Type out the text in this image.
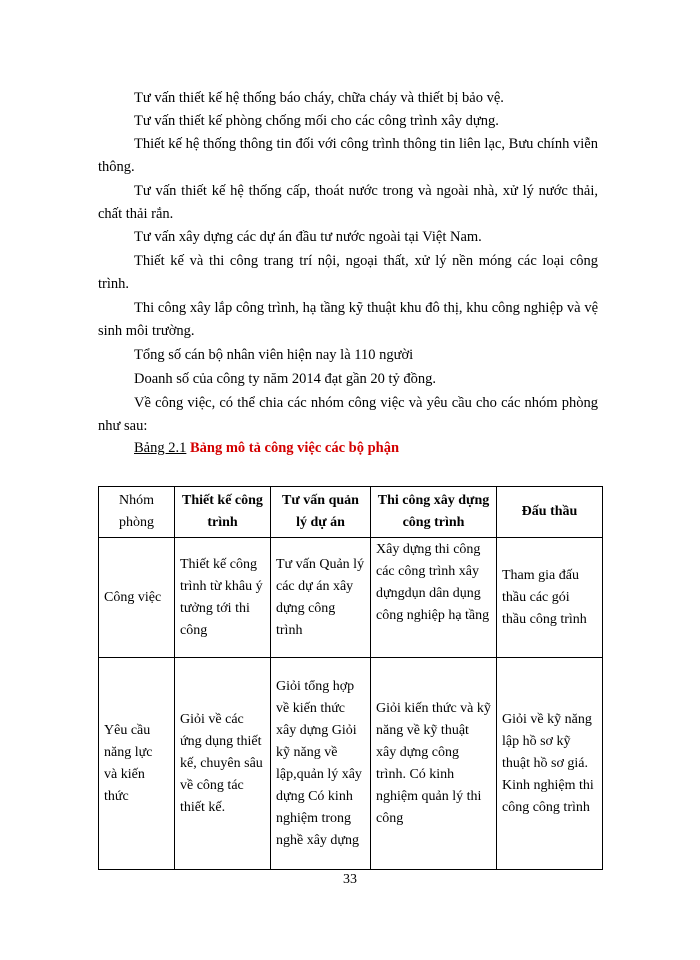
Tư vấn thiết kế hệ thống báo cháy, chữa cháy và thiết bị bảo vệ.

Tư vấn thiết kế phòng chống mối cho các công trình xây dựng.

Thiết kế hệ thống thông tin đối với công trình thông tin liên lạc, Bưu chính viễn thông.

Tư vấn thiết kế hệ thống cấp, thoát nước trong và ngoài nhà, xử lý nước thải, chất thải rắn.

Tư vấn xây dựng các dự án đầu tư nước ngoài tại Việt Nam.

Thiết kế và thi công trang trí nội, ngoại thất, xử lý nền móng các loại công trình.

Thi công xây lắp công trình, hạ tầng kỹ thuật khu đô thị, khu công nghiệp và vệ sinh môi trường.

Tổng số cán bộ nhân viên hiện nay là 110 người

Doanh số của công ty năm 2014 đạt gần 20 tỷ đồng.

Về công việc, có thể chia các nhóm công việc và yêu cầu cho các nhóm phòng như sau:

Bảng 2.1 Bảng mô tả công việc các bộ phận
Nhóm phòng	Thiết kế công trình	Tư vấn quản lý dự án	Thi công xây dựng công trình	Đấu thầu
Công việc	Thiết kế công trình từ khâu ý tưởng tới thi công	Tư vấn Quản lý các dự án xây dựng công trình	Xây dựng thi công các công trình xây dựngdụn dân dụng công nghiệp hạ tầng	Tham gia đấu thầu các gói thầu công trình
Yêu cầu năng lực và kiến thức	Giỏi về các ứng dụng thiết kế, chuyên sâu về công tác thiết kế.	Giỏi tổng hợp về kiến thức xây dựng Giỏi kỹ năng về lập,quản lý xây dựng Có kinh nghiệm trong nghề xây dựng	Giỏi kiến thức và kỹ năng về kỹ thuật xây dựng công trình. Có kinh nghiệm quản lý thi công	Giỏi về kỹ năng lập hồ sơ kỹ thuật hồ sơ giá. Kinh nghiệm thi công công trình
33
